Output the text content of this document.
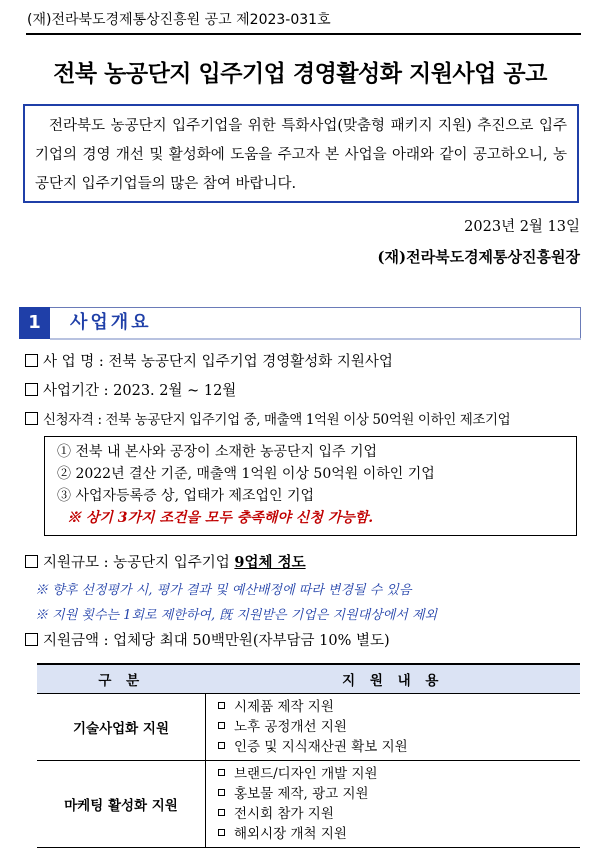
(재)전라북도경제통상진흥원 공고 제2023-031호
전북 농공단지 입주기업 경영활성화 지원사업 공고

전라북도 농공단지 입주기업을 위한 특화사업(맞춤형 패키지 지원) 추진으로 입주기업의 경영 개선 및 활성화에 도움을 주고자 본 사업을 아래와 같이 공고하오니, 농공단지 입주기업들의 많은 참여 바랍니다.

2023년 2월 13일
(재)전라북도경제통상진흥원장
1	사업개요
사 업 명 : 전북 농공단지 입주기업 경영활성화 지원사업
사업기간 : 2023. 2월 ~ 12월
신청자격 : 전북 농공단지 입주기업 중, 매출액 1억원 이상 50억원 이하인 제조기업
① 전북 내 본사와 공장이 소재한 농공단지 입주 기업
② 2022년 결산 기준, 매출액 1억원 이상 50억원 이하인 기업
③ 사업자등록증 상, 업태가 제조업인 기업
※ 상기 3가지 조건을 모두 충족해야 신청 가능함.
지원규모 : 농공단지 입주기업 9업체 정도
※ 향후 선정평가 시, 평가 결과 및 예산배정에 따라 변경될 수 있음
※ 지원 횟수는 1회로 제한하여, 旣 지원받은 기업은 지원대상에서 제외
지원금액 : 업체당 최대 50백만원(자부담금 10% 별도)
구 분	지 원 내 용
기술사업화 지원	시제품 제작 지원
노후 공정개선 지원
인증 및 지식재산권 확보 지원

마케팅 활성화 지원	브랜드/디자인 개발 지원
홍보물 제작, 광고 지원
전시회 참가 지원
해외시장 개척 지원
